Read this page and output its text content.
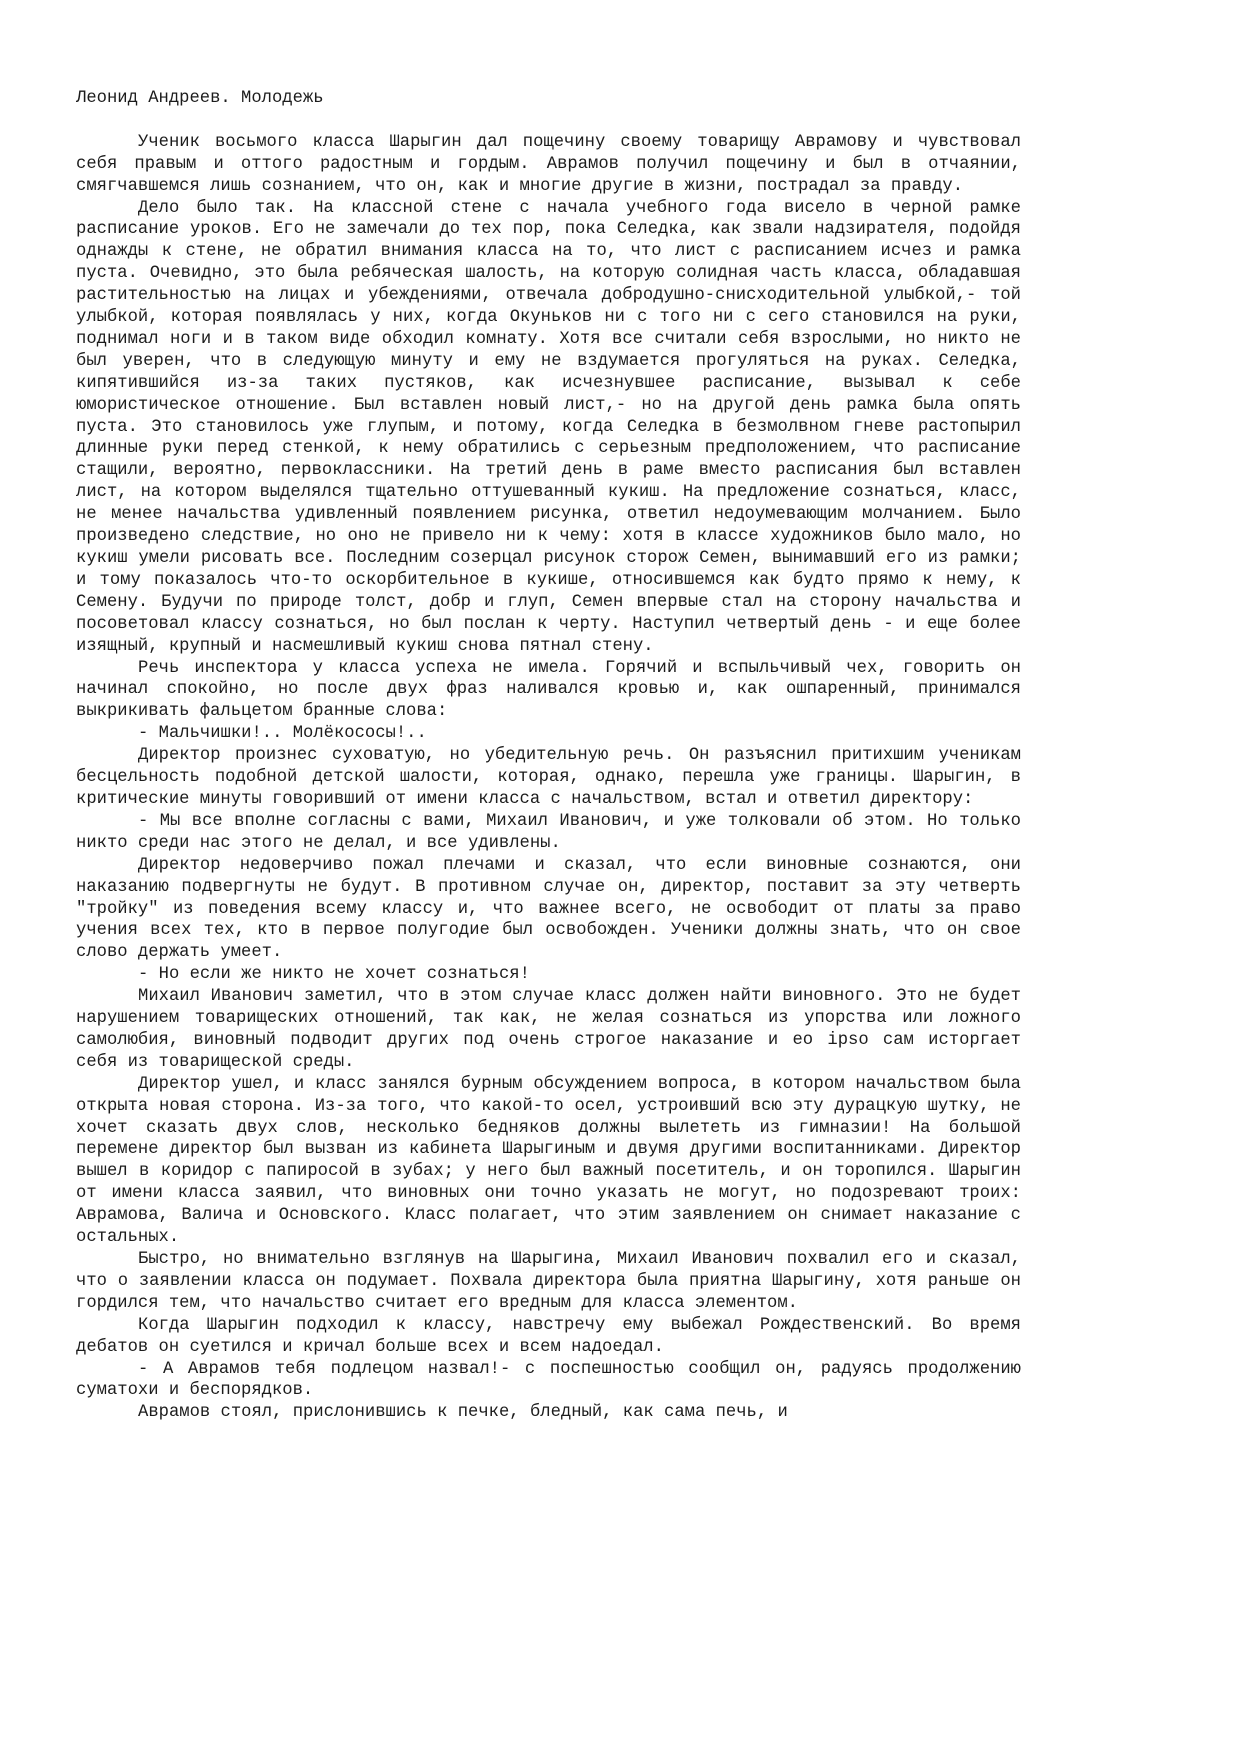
Леонид Андреев. Молодежь

Ученик восьмого класса Шарыгин дал пощечину своему товарищу Аврамову и чувствовал себя правым и оттого радостным и гордым. Аврамов получил пощечину и был в отчаянии, смягчавшемся лишь сознанием, что он, как и многие другие в жизни, пострадал за правду.

Дело было так. На классной стене с начала учебного года висело в черной рамке расписание уроков. Его не замечали до тех пор, пока Селедка, как звали надзирателя, подойдя однажды к стене, не обратил внимания класса на то, что лист с расписанием исчез и рамка пуста. Очевидно, это была ребяческая шалость, на которую солидная часть класса, обладавшая растительностью на лицах и убеждениями, отвечала добродушно-снисходительной улыбкой,- той улыбкой, которая появлялась у них, когда Окуньков ни с того ни с сего становился на руки, поднимал ноги и в таком виде обходил комнату. Хотя все считали себя взрослыми, но никто не был уверен, что в следующую минуту и ему не вздумается прогуляться на руках. Селедка, кипятившийся из-за таких пустяков, как исчезнувшее расписание, вызывал к себе юмористическое отношение. Был вставлен новый лист,- но на другой день рамка была опять пуста. Это становилось уже глупым, и потому, когда Селедка в безмолвном гневе растопырил длинные руки перед стенкой, к нему обратились с серьезным предположением, что расписание стащили, вероятно, первоклассники. На третий день в раме вместо расписания был вставлен лист, на котором выделялся тщательно оттушеванный кукиш. На предложение сознаться, класс, не менее начальства удивленный появлением рисунка, ответил недоумевающим молчанием. Было произведено следствие, но оно не привело ни к чему: хотя в классе художников было мало, но кукиш умели рисовать все. Последним созерцал рисунок сторож Семен, вынимавший его из рамки; и тому показалось что-то оскорбительное в кукише, относившемся как будто прямо к нему, к Семену. Будучи по природе толст, добр и глуп, Семен впервые стал на сторону начальства и посоветовал классу сознаться, но был послан к черту. Наступил четвертый день - и еще более изящный, крупный и насмешливый кукиш снова пятнал стену.

Речь инспектора у класса успеха не имела. Горячий и вспыльчивый чех, говорить он начинал спокойно, но после двух фраз наливался кровью и, как ошпаренный, принимался выкрикивать фальцетом бранные слова:

- Мальчишки!.. Молёкососы!..

Директор произнес суховатую, но убедительную речь. Он разъяснил притихшим ученикам бесцельность подобной детской шалости, которая, однако, перешла уже границы. Шарыгин, в критические минуты говоривший от имени класса с начальством, встал и ответил директору:

- Мы все вполне согласны с вами, Михаил Иванович, и уже толковали об этом. Но только никто среди нас этого не делал, и все удивлены.

Директор недоверчиво пожал плечами и сказал, что если виновные сознаются, они наказанию подвергнуты не будут. В противном случае он, директор, поставит за эту четверть "тройку" из поведения всему классу и, что важнее всего, не освободит от платы за право учения всех тех, кто в первое полугодие был освобожден. Ученики должны знать, что он свое слово держать умеет.

- Но если же никто не хочет сознаться!

Михаил Иванович заметил, что в этом случае класс должен найти виновного. Это не будет нарушением товарищеских отношений, так как, не желая сознаться из упорства или ложного самолюбия, виновный подводит других под очень строгое наказание и ео ipso сам исторгает себя из товарищеской среды.

Директор ушел, и класс занялся бурным обсуждением вопроса, в котором начальством была открыта новая сторона. Из-за того, что какой-то осел, устроивший всю эту дурацкую шутку, не хочет сказать двух слов, несколько бедняков должны вылететь из гимназии! На большой перемене директор был вызван из кабинета Шарыгиным и двумя другими воспитанниками. Директор вышел в коридор с папиросой в зубах; у него был важный посетитель, и он торопился. Шарыгин от имени класса заявил, что виновных они точно указать не могут, но подозревают троих: Аврамова, Валича и Основского. Класс полагает, что этим заявлением он снимает наказание с остальных.

Быстро, но внимательно взглянув на Шарыгина, Михаил Иванович похвалил его и сказал, что о заявлении класса он подумает. Похвала директора была приятна Шарыгину, хотя раньше он гордился тем, что начальство считает его вредным для класса элементом.

Когда Шарыгин подходил к классу, навстречу ему выбежал Рождественский. Во время дебатов он суетился и кричал больше всех и всем надоедал.

- А Аврамов тебя подлецом назвал!- с поспешностью сообщил он, радуясь продолжению суматохи и беспорядков.

Аврамов стоял, прислонившись к печке, бледный, как сама печь, и
